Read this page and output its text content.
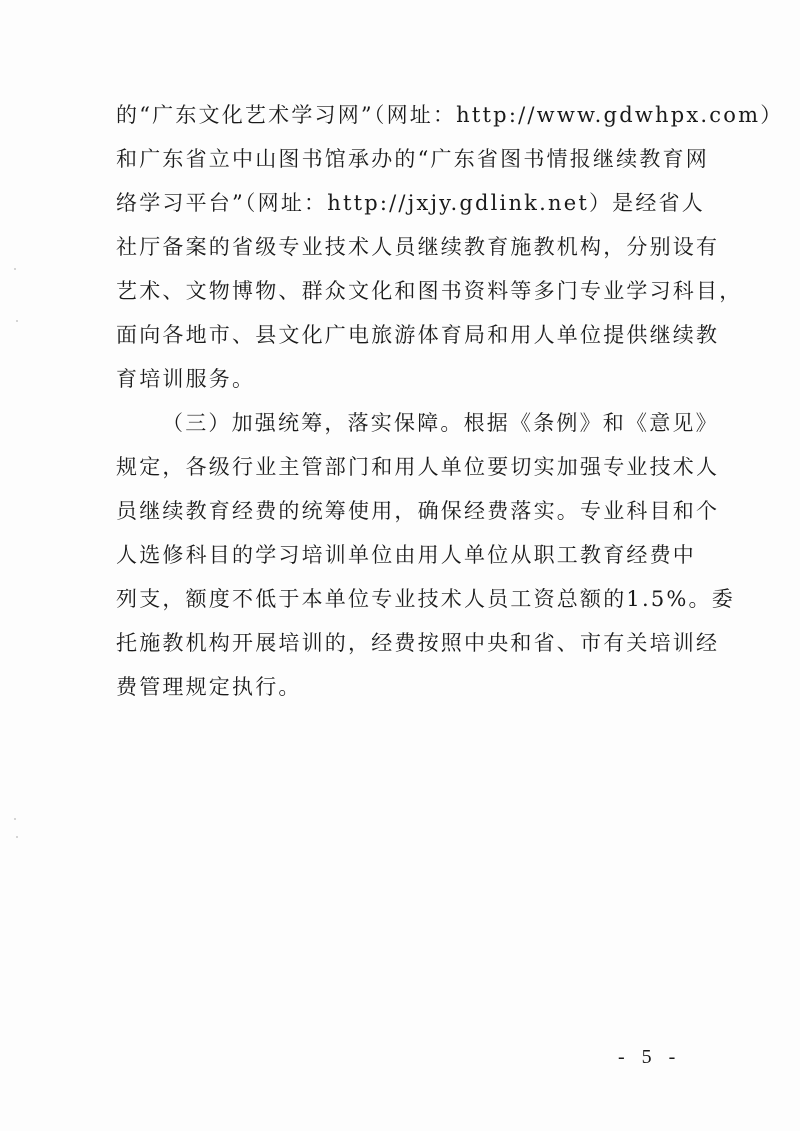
的“广东文化艺术学习网”（网址：http://www.gdwhpx.com）
和广东省立中山图书馆承办的“广东省图书情报继续教育网
络学习平台”（网址：http://jxjy.gdlink.net）是经省人
社厅备案的省级专业技术人员继续教育施教机构，分别设有
艺术、文物博物、群众文化和图书资料等多门专业学习科目，
面向各地市、县文化广电旅游体育局和用人单位提供继续教
育培训服务。
（三）加强统筹，落实保障。根据《条例》和《意见》
规定，各级行业主管部门和用人单位要切实加强专业技术人
员继续教育经费的统筹使用，确保经费落实。专业科目和个
人选修科目的学习培训单位由用人单位从职工教育经费中
列支，额度不低于本单位专业技术人员工资总额的1.5%。委
托施教机构开展培训的，经费按照中央和省、市有关培训经
费管理规定执行。
- 5 -
